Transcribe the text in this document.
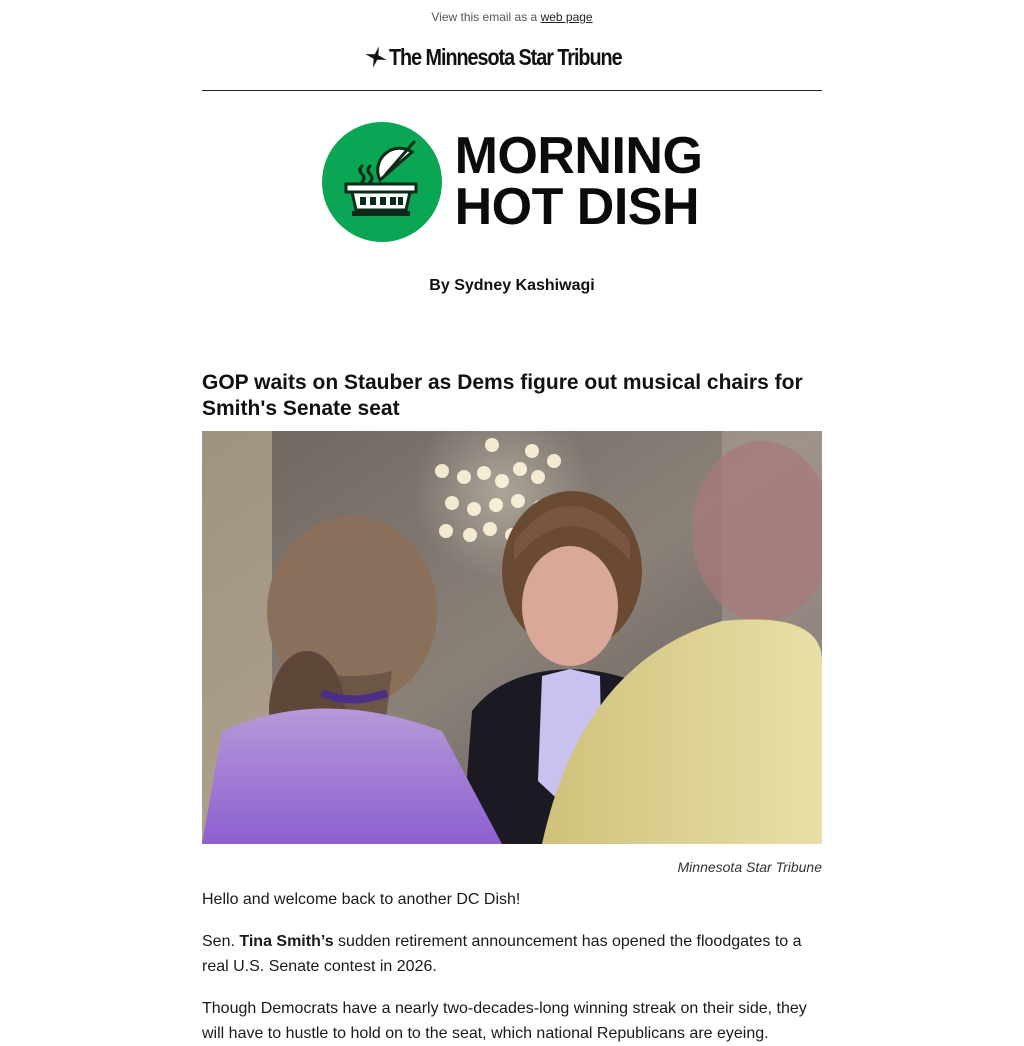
View this email as a web page
The Minnesota Star Tribune
MORNING
HOT DISH
By Sydney Kashiwagi
GOP waits on Stauber as Dems figure out musical chairs for Smith's Senate seat
Minnesota Star Tribune
Hello and welcome back to another DC Dish!
Sen. Tina Smith’s sudden retirement announcement has opened the floodgates to a real U.S. Senate contest in 2026.
Though Democrats have a nearly two-decades-long winning streak on their side, they will have to hustle to hold on to the seat, which national Republicans are eyeing.
